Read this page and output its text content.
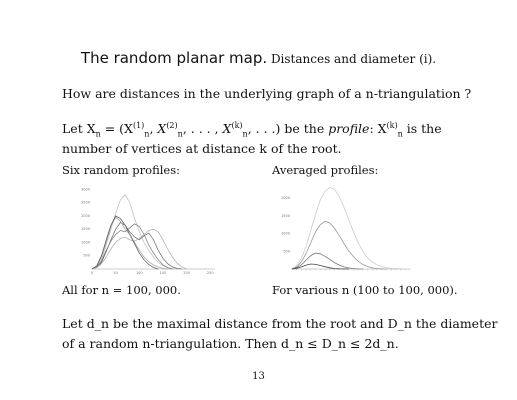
The random planar map. Distances and diameter (i).
How are distances in the underlying graph of a n-triangulation ?
Let $X_n = (X^{(1)}_n$, $X^{(2)}_n$, . . . , $X^{(k)}_n$, . . .) be the profile: $X^{(k)}_n$ is the
number of vertices at distance k of the root.
Six random profiles:	Averaged profiles:
0	50	100	150	200	250
500
1000
1500
2000
2500
3000
500
1000
1500
2000
All for n = 100, 000.	For various n (100 to 100, 000).
Let d_n be the maximal distance from the root and D_n the diameter
of a random n-triangulation. Then d_n ≤ D_n ≤ 2d_n.
13
